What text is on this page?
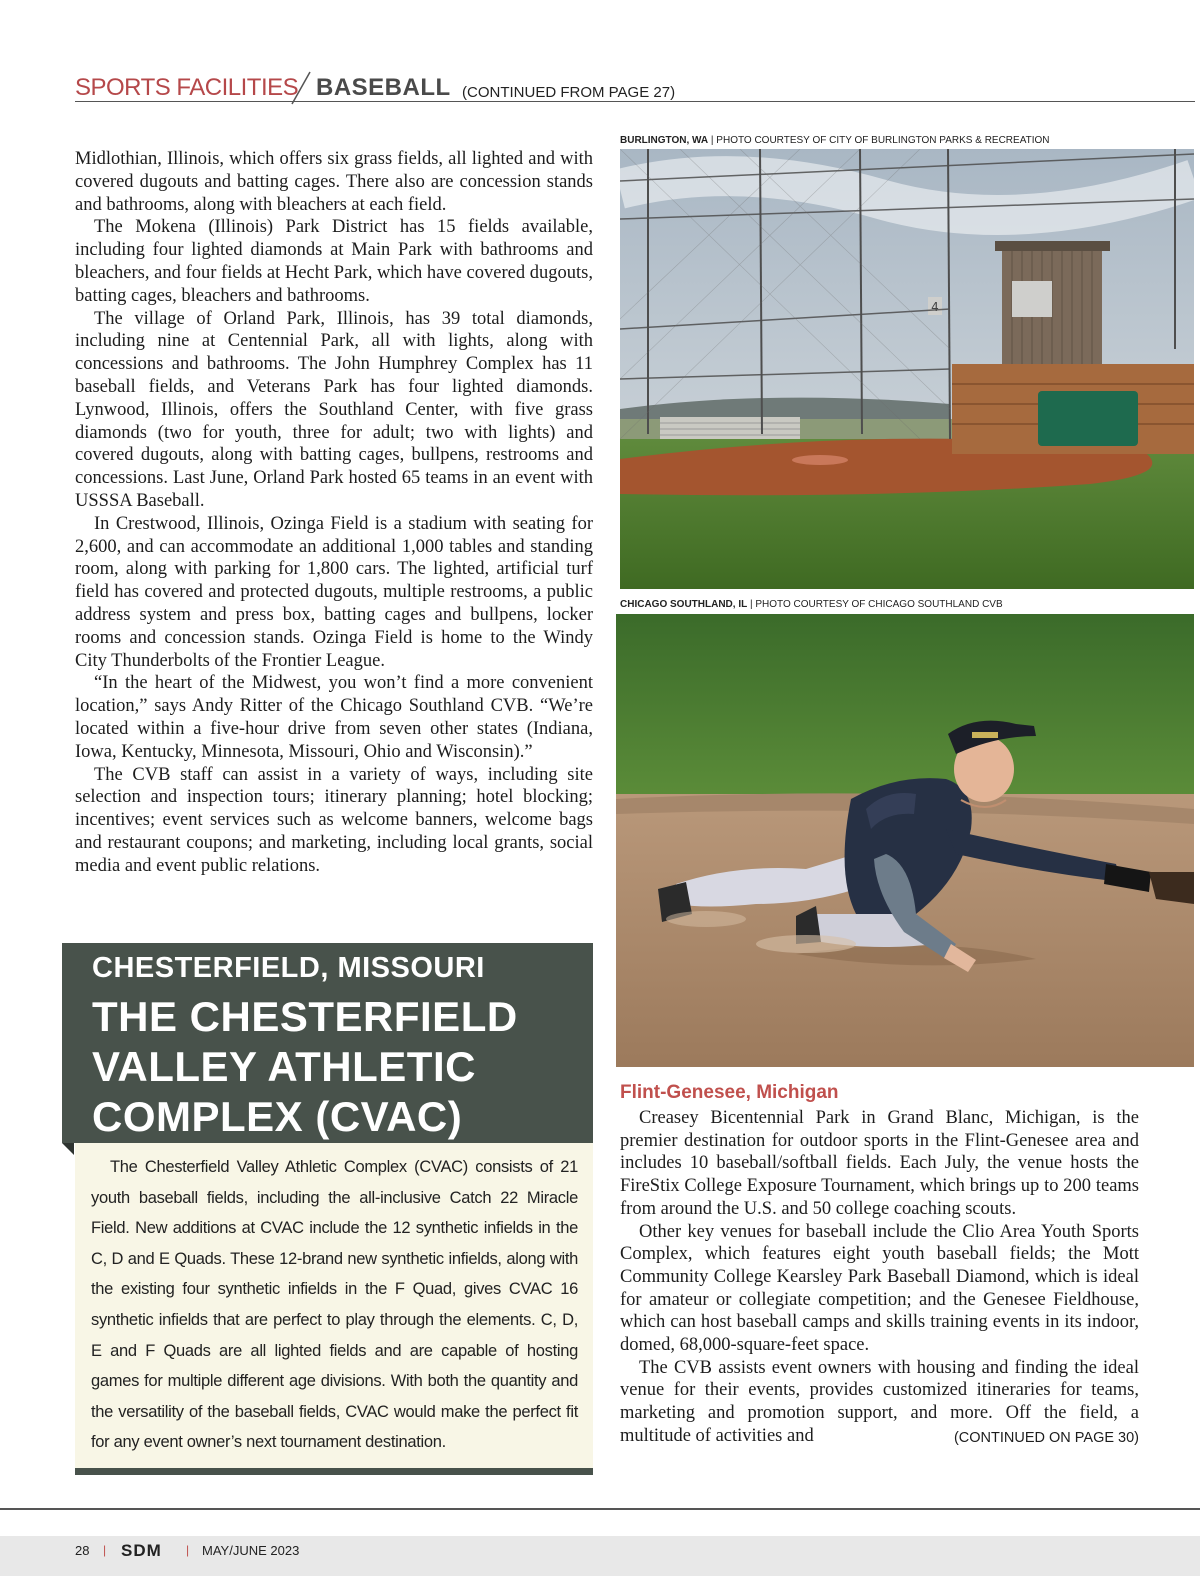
SPORTS FACILITIES BASEBALL (CONTINUED FROM PAGE 27)

Midlothian, Illinois, which offers six grass fields, all lighted and with covered dugouts and batting cages. There also are concession stands and bathrooms, along with bleachers at each field.

The Mokena (Illinois) Park District has 15 fields available, including four lighted diamonds at Main Park with bathrooms and bleachers, and four fields at Hecht Park, which have covered dugouts, batting cages, bleachers and bathrooms.

The village of Orland Park, Illinois, has 39 total diamonds, including nine at Centennial Park, all with lights, along with concessions and bathrooms. The John Humphrey Complex has 11 baseball fields, and Veterans Park has four lighted diamonds. Lynwood, Illinois, offers the Southland Center, with five grass diamonds (two for youth, three for adult; two with lights) and covered dugouts, along with batting cages, bullpens, restrooms and concessions. Last June, Orland Park hosted 65 teams in an event with USSSA Baseball.

In Crestwood, Illinois, Ozinga Field is a stadium with seating for 2,600, and can accommodate an additional 1,000 tables and standing room, along with parking for 1,800 cars. The lighted, artificial turf field has covered and protected dugouts, multiple restrooms, a public address system and press box, batting cages and bullpens, locker rooms and concession stands. Ozinga Field is home to the Windy City Thunderbolts of the Frontier League.

“In the heart of the Midwest, you won’t find a more convenient location,” says Andy Ritter of the Chicago Southland CVB. “We’re located within a five-hour drive from seven other states (Indiana, Iowa, Kentucky, Minnesota, Missouri, Ohio and Wisconsin).”

The CVB staff can assist in a variety of ways, including site selection and inspection tours; itinerary planning; hotel blocking; incentives; event services such as welcome banners, welcome bags and restaurant coupons; and marketing, including local grants, social media and event public relations.

CHESTERFIELD, MISSOURI
THE CHESTERFIELD VALLEY ATHLETIC COMPLEX (CVAC)
The Chesterfield Valley Athletic Complex (CVAC) consists of 21 youth baseball fields, including the all-inclusive Catch 22 Miracle Field. New additions at CVAC include the 12 synthetic infields in the C, D and E Quads. These 12-brand new synthetic infields, along with the existing four synthetic infields in the F Quad, gives CVAC 16 synthetic infields that are perfect to play through the elements. C, D, E and F Quads are all lighted fields and are capable of hosting games for multiple different age divisions. With both the quantity and the versatility of the baseball fields, CVAC would make the perfect fit for any event owner’s next tournament destination.
BURLINGTON, WA | PHOTO COURTESY OF CITY OF BURLINGTON PARKS & RECREATION
4
CHICAGO SOUTHLAND, IL | PHOTO COURTESY OF CHICAGO SOUTHLAND CVB
Flint-Genesee, Michigan

Creasey Bicentennial Park in Grand Blanc, Michigan, is the premier destination for outdoor sports in the Flint-Genesee area and includes 10 baseball/softball fields. Each July, the venue hosts the FireStix College Exposure Tournament, which brings up to 200 teams from around the U.S. and 50 college coaching scouts.

Other key venues for baseball include the Clio Area Youth Sports Complex, which features eight youth baseball fields; the Mott Community College Kearsley Park Baseball Diamond, which is ideal for amateur or collegiate competition; and the Genesee Fieldhouse, which can host baseball camps and skills training events in its indoor, domed, 68,000-square-feet space.

The CVB assists event owners with housing and finding the ideal venue for their events, provides customized itineraries for teams, marketing and promotion support, and more. Off the field, a multitude of activities and	(CONTINUED ON PAGE 30)

28 | SDM | MAY/JUNE 2023
